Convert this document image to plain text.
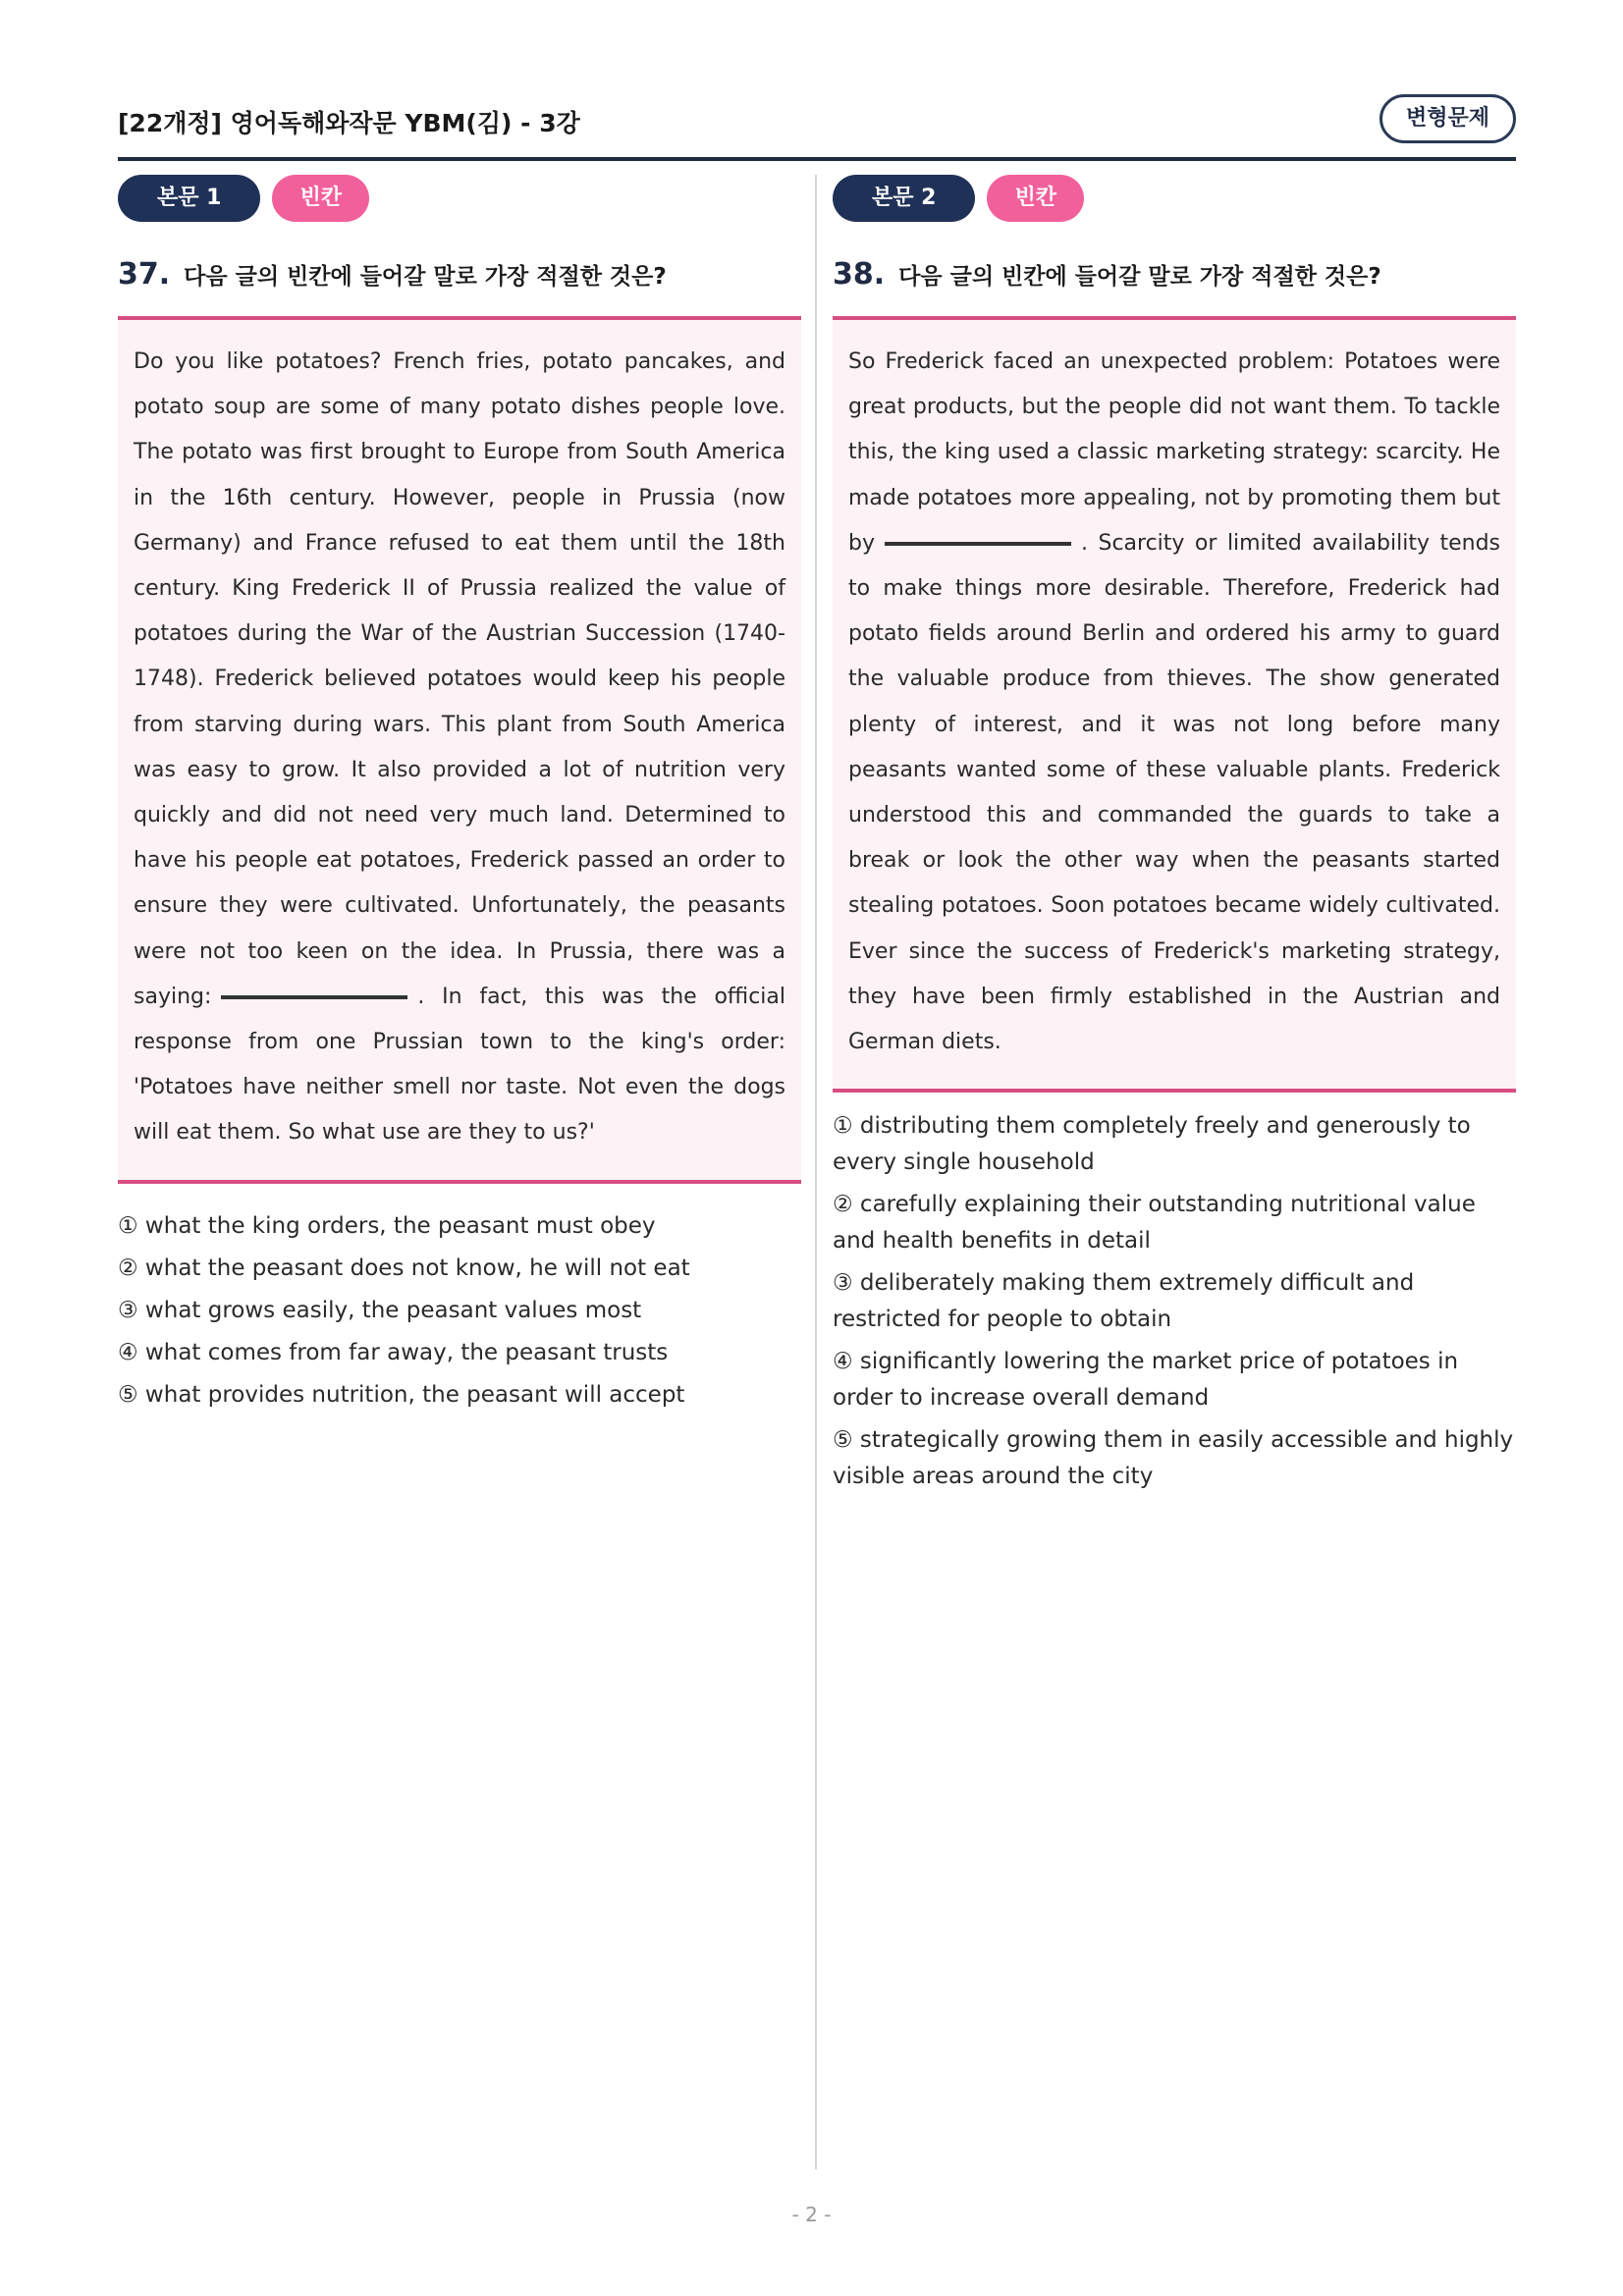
[22개정] 영어독해와작문 YBM(김) - 3강	변형문제
본문 1	빈칸
37. 다음 글의 빈칸에 들어갈 말로 가장 적절한 것은?

Do you like potatoes? French fries, potato pancakes, and potato soup are some of many potato dishes people love. The potato was first brought to Europe from South America in the 16th century. However, people in Prussia (now Germany) and France refused to eat them until the 18th century. King Frederick II of Prussia realized the value of potatoes during the War of the Austrian Succession (1740-1748). Frederick believed potatoes would keep his people from starving during wars. This plant from South America was easy to grow. It also provided a lot of nutrition very quickly and did not need very much land. Determined to have his people eat potatoes, Frederick passed an order to ensure they were cultivated. Unfortunately, the peasants were not too keen on the idea. In Prussia, there was a saying:	. In fact, this was the official response from one Prussian town to the king's order: 'Potatoes have neither smell nor taste. Not even the dogs will eat them. So what use are they to us?'

① what the king orders, the peasant must obey
② what the peasant does not know, he will not eat
③ what grows easily, the peasant values most
④ what comes from far away, the peasant trusts
⑤ what provides nutrition, the peasant will accept
본문 2	빈칸
38. 다음 글의 빈칸에 들어갈 말로 가장 적절한 것은?

So Frederick faced an unexpected problem: Potatoes were great products, but the people did not want them. To tackle this, the king used a classic marketing strategy: scarcity. He made potatoes more appealing, not by promoting them but by	. Scarcity or limited availability tends to make things more desirable. Therefore, Frederick had potato fields around Berlin and ordered his army to guard the valuable produce from thieves. The show generated plenty of interest, and it was not long before many peasants wanted some of these valuable plants. Frederick understood this and commanded the guards to take a break or look the other way when the peasants started stealing potatoes. Soon potatoes became widely cultivated. Ever since the success of Frederick's marketing strategy, they have been firmly established in the Austrian and German diets.

① distributing them completely freely and generously to every single household
② carefully explaining their outstanding nutritional value and health benefits in detail
③ deliberately making them extremely difficult and restricted for people to obtain
④ significantly lowering the market price of potatoes in order to increase overall demand
⑤ strategically growing them in easily accessible and highly visible areas around the city
- 2 -
